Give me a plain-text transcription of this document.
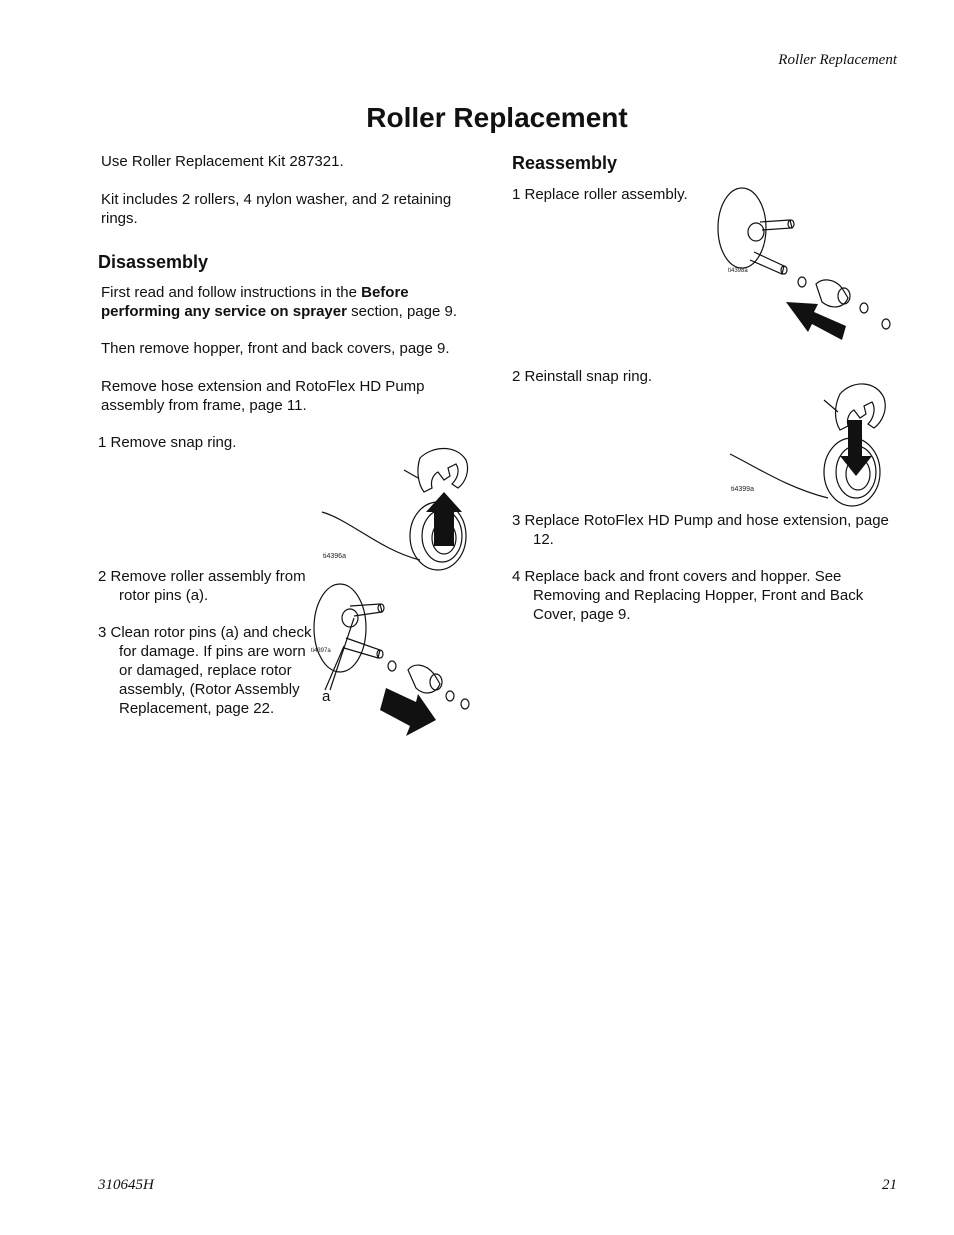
Roller Replacement
Roller Replacement
Use Roller Replacement Kit 287321.
Kit includes 2 rollers, 4 nylon washer, and 2 retaining rings.
Disassembly
First read and follow instructions in the Before performing any service on sprayer section, page 9.
Then remove hopper, front and back covers, page 9.
Remove hose extension and RotoFlex HD Pump assembly from frame, page 11.
1 Remove snap ring.
2 Remove roller assembly from rotor pins (a).
3 Clean rotor pins (a) and check for damage. If pins are worn or damaged, replace rotor assembly, (Rotor Assembly Replacement, page 22.
ti4396a
ti4397a
a
Reassembly
1 Replace roller assembly.
ti4398a
2 Reinstall snap ring.
ti4399a
3 Replace RotoFlex HD Pump and hose extension, page 12.
4 Replace back and front covers and hopper. See Removing and Replacing Hopper, Front and Back Cover, page 9.
310645H	21
